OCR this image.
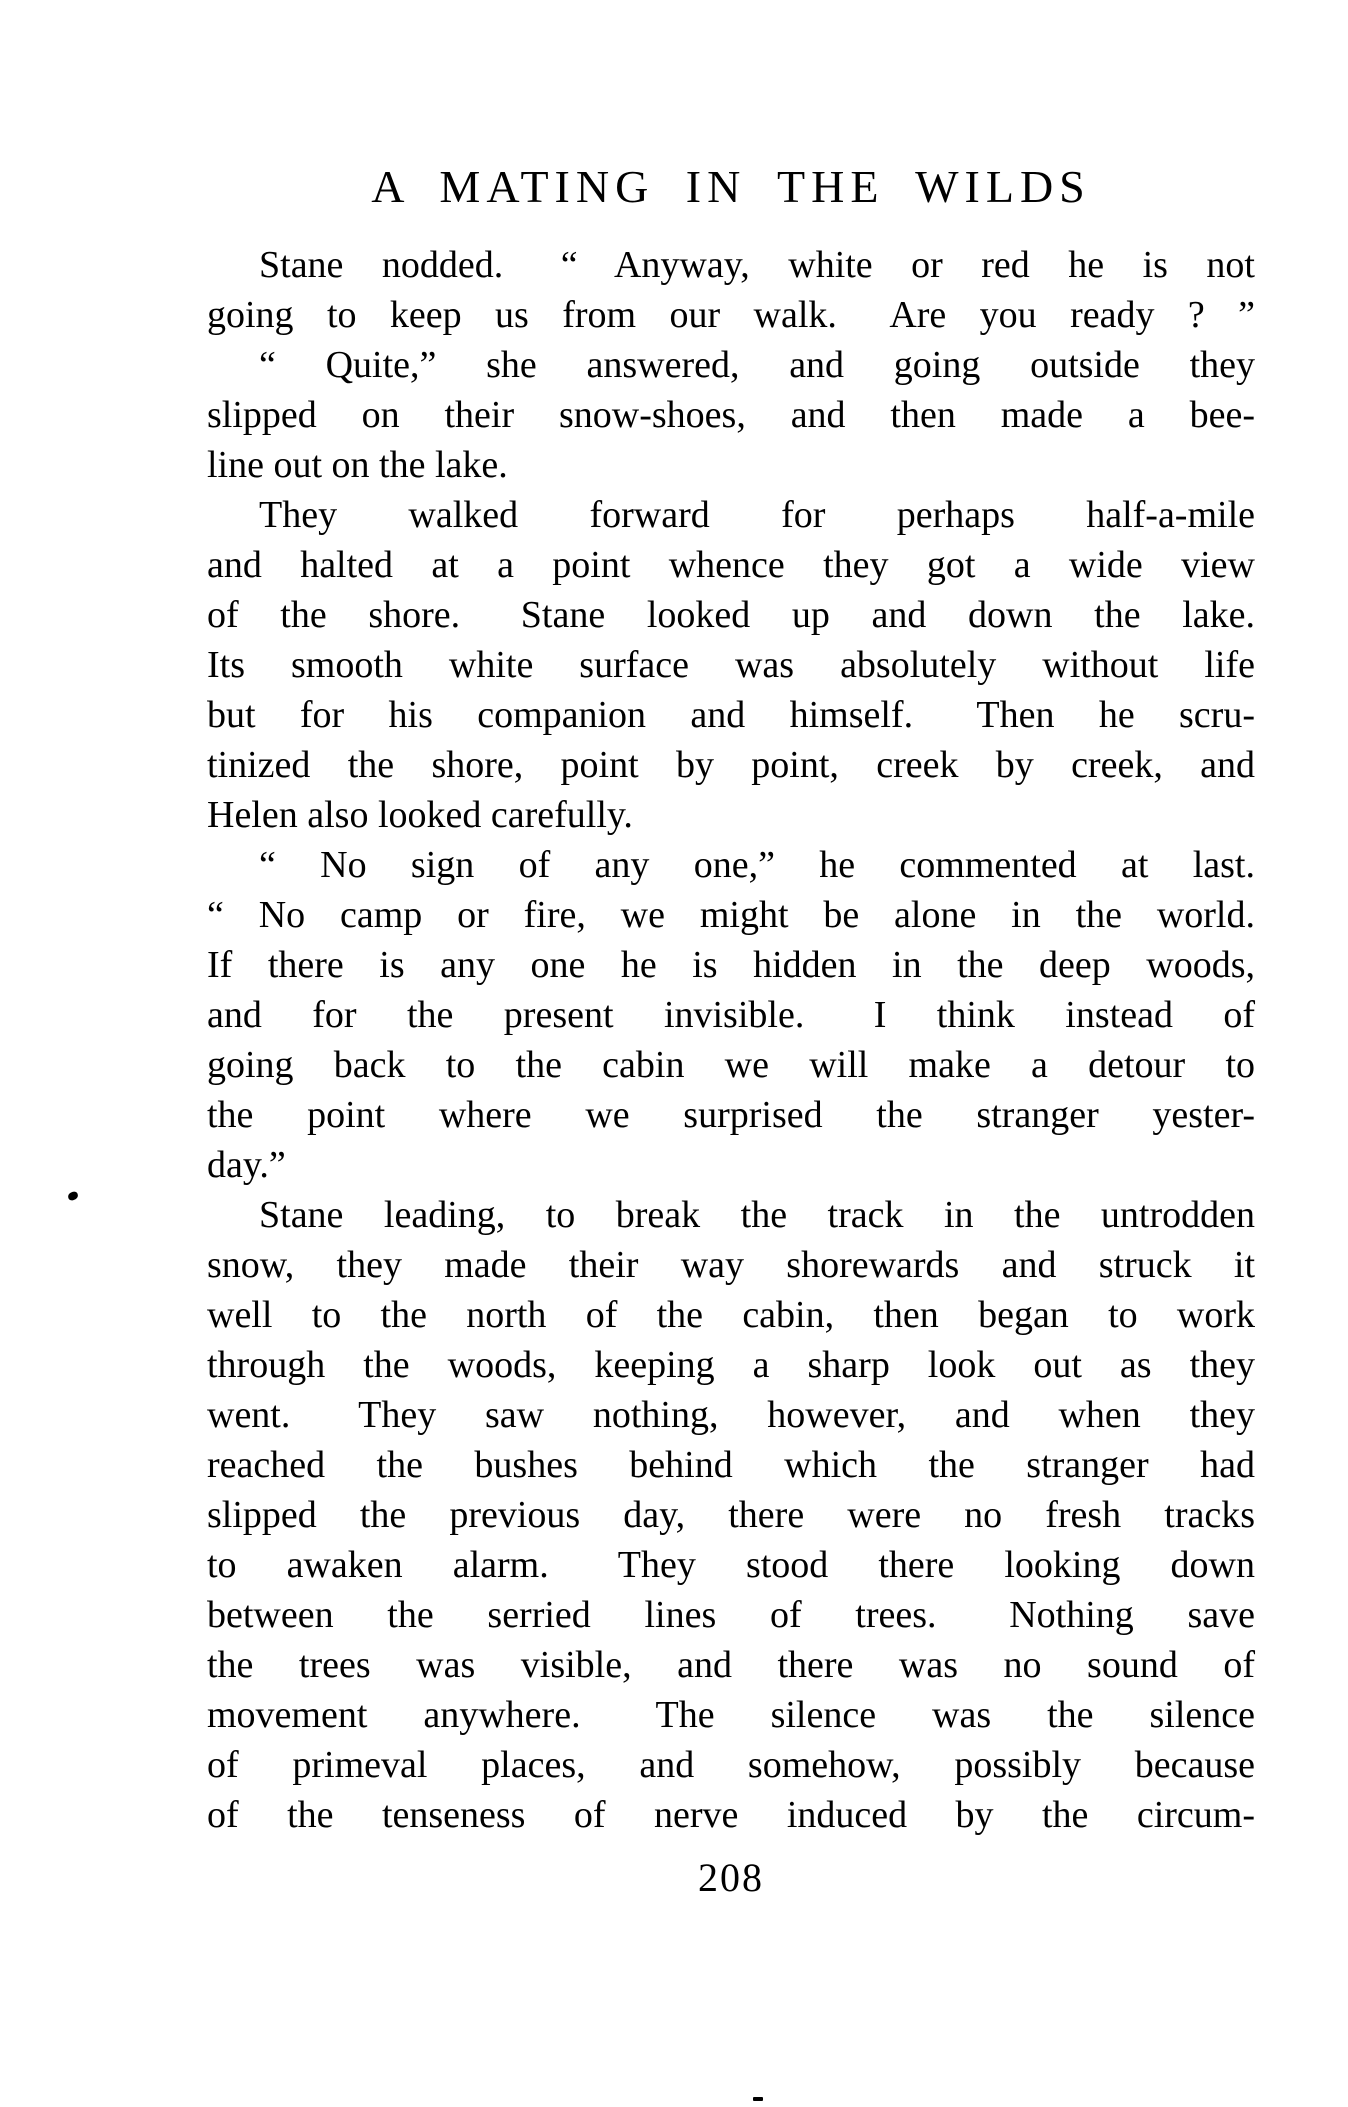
A MATING IN THE WILDS
Stane nodded.  “ Anyway, white or red he is not
going to keep us from our walk.  Are you ready ? ”
“ Quite,” she answered, and going outside they
slipped on their snow-shoes, and then made a bee-
line out on the lake.
They walked forward for perhaps half-a-mile
and halted at a point whence they got a wide view
of the shore.  Stane looked up and down the lake.
Its smooth white surface was absolutely without life
but for his companion and himself.  Then he scru-
tinized the shore, point by point, creek by creek, and
Helen also looked carefully.
“ No sign of any one,” he commented at last.
“ No camp or fire, we might be alone in the world.
If there is any one he is hidden in the deep woods,
and for the present invisible.  I think instead of
going back to the cabin we will make a detour to
the point where we surprised the stranger yester-
day.”
Stane leading, to break the track in the untrodden
snow, they made their way shorewards and struck it
well to the north of the cabin, then began to work
through the woods, keeping a sharp look out as they
went.  They saw nothing, however, and when they
reached the bushes behind which the stranger had
slipped the previous day, there were no fresh tracks
to awaken alarm.  They stood there looking down
between the serried lines of trees.  Nothing save
the trees was visible, and there was no sound of
movement anywhere.  The silence was the silence
of primeval places, and somehow, possibly because
of the tenseness of nerve induced by the circum-
208
